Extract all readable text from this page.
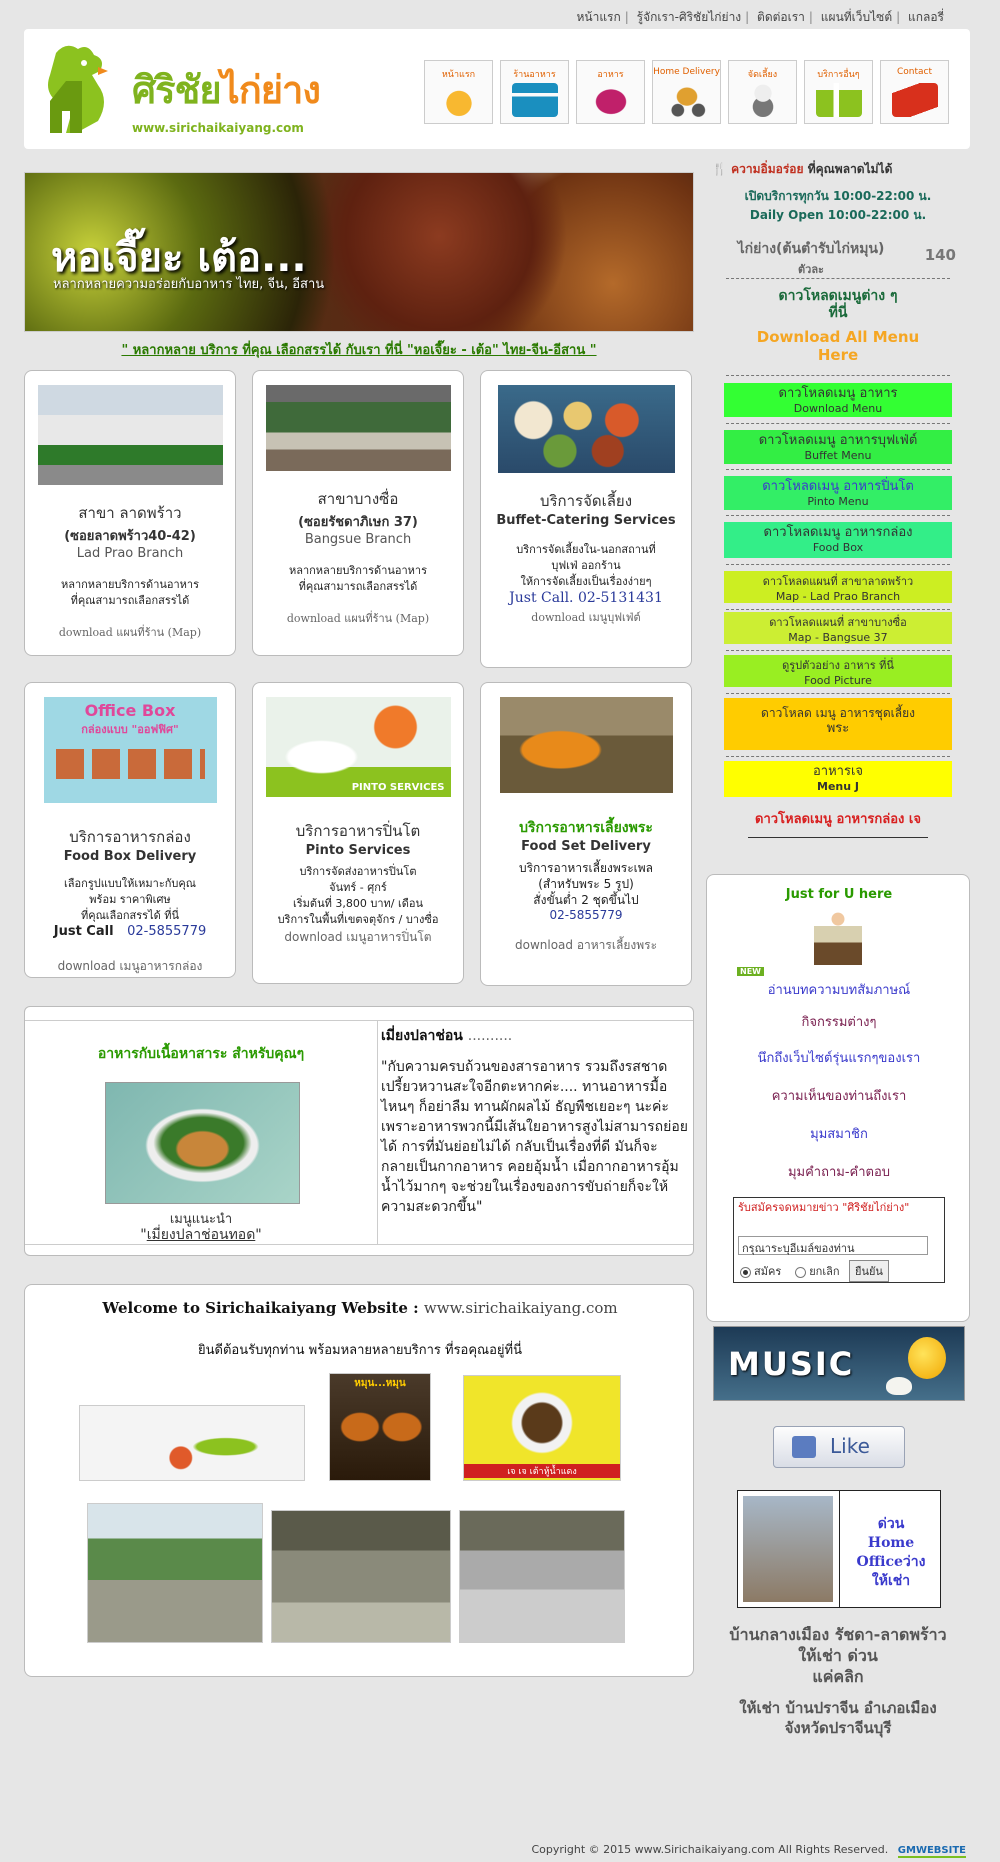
หน้าแรก | รู้จักเรา-ศิริชัยไก่ย่าง | ติดต่อเรา | แผนที่เว็บไซต์ | แกลอรี่
ศิริชัยไก่ย่าง
www.sirichaikaiyang.com
หน้าแรก	ร้านอาหาร	อาหาร	Home Delivery	จัดเลี้ยง	บริการอื่นๆ	Contact
หอเจี๊ยะ เต้อ...
หลากหลายความอร่อยกับอาหาร ไทย, จีน, อีสาน
" หลากหลาย บริการ ที่คุณ เลือกสรรได้ กับเรา ที่นี่ "หอเจี๊ยะ - เต้อ" ไทย-จีน-อีสาน "
สาขา ลาดพร้าว
(ซอยลาดพร้าว40-42)
Lad Prao Branch
หลากหลายบริการด้านอาหาร
ที่คุณสามารถเลือกสรรได้
download แผนที่ร้าน (Map)
สาขาบางซื่อ
(ซอยรัชดาภิเษก 37)
Bangsue Branch
หลากหลายบริการด้านอาหาร
ที่คุณสามารถเลือกสรรได้
download แผนที่ร้าน (Map)
บริการจัดเลี้ยง
Buffet-Catering Services
บริการจัดเลี้ยงใน-นอกสถานที่
บุฟเฟ่ ออกร้าน
ให้การจัดเลี้ยงเป็นเรื่องง่ายๆ
Just Call. 02-5131431
download เมนูบุฟเฟ่ต์
Office Box
กล่องแบบ "ออฟฟิศ"
บริการอาหารกล่อง
Food Box Delivery
เลือกรูปแบบให้เหมาะกับคุณ
พร้อม ราคาพิเศษ
ที่คุณเลือกสรรได้ ที่นี่
Just Call 02-5855779
download เมนูอาหารกล่อง
PINTO SERVICES
บริการอาหารปิ่นโต
Pinto Services
บริการจัดส่งอาหารปิ่นโต
จันทร์ - ศุกร์
เริ่มต้นที่ 3,800 บาท/ เดือน
บริการในพื้นที่เขตจตุจักร / บางซื่อ
download เมนูอาหารปิ่นโต
บริการอาหารเลี้ยงพระ
Food Set Delivery
บริการอาหารเลี้ยงพระเพล
(สำหรับพระ 5 รูป)
สั่งขั้นต่ำ 2 ชุดขึ้นไป
02-5855779
download อาหารเลี้ยงพระ
อาหารกับเนื้อหาสาระ สำหรับคุณๆ
เมนูแนะนำ
"เมี่ยงปลาช่อนทอด"
เมี่ยงปลาช่อน ..........
"กับความครบถ้วนของสารอาหาร รวมถึงรสชาดเปรี้ยวหวานสะใจอีกตะหากค่ะ.... ทานอาหารมื้อไหนๆ ก็อย่าลืม ทานผักผลไม้ ธัญพืชเยอะๆ นะค่ะ เพราะอาหารพวกนี้มีเส้นใยอาหารสูงไม่สามารถย่อยได้ การที่มันย่อยไม่ได้ กลับเป็นเรื่องที่ดี มันก็จะกลายเป็นกากอาหาร คอยอุ้มน้ำ เมื่อกากอาหารอุ้มน้ำไว้มากๆ จะช่วยในเรื่องของการขับถ่ายก็จะให้ความสะดวกขึ้น"
Welcome to Sirichaikaiyang Website : www.sirichaikaiyang.com
ยินดีต้อนรับทุกท่าน พร้อมหลายหลายบริการ ที่รอคุณอยู่ที่นี่
หมุน...หมุน
เจ เจ เต้าหู้น้ำแดง
🍴 ความอิ่มอร่อย ที่คุณพลาดไม่ได้
เปิดบริการทุกวัน 10:00-22:00 น.
Daily Open 10:00-22:00 น.
ไก่ย่าง(ต้นตำรับไก่หมุน)
ตัวละ
140
ดาวโหลดเมนูต่าง ๆ
ที่นี่
Download All Menu
Here
ดาวโหลดเมนู อาหาร
Download Menu
ดาวโหลดเมนู อาหารบุฟเฟ่ต์
Buffet Menu
ดาวโหลดเมนู อาหารปิ่นโต
Pinto Menu
ดาวโหลดเมนู อาหารกล่อง
Food Box
ดาวโหลดแผนที่ สาขาลาดพร้าว
Map - Lad Prao Branch
ดาวโหลดแผนที่ สาขาบางซื่อ
Map - Bangsue 37
ดูรูปตัวอย่าง อาหาร ที่นี่
Food Picture
ดาวโหลด เมนู อาหารชุดเลี้ยง
พระ
อาหารเจ
Menu J
ดาวโหลดเมนู อาหารกล่อง เจ
Just for U here
NEW
อ่านบทความบทสัมภาษณ์
กิจกรรมต่างๆ
นึกถึงเว็บไซต์รุ่นแรกๆของเรา
ความเห็นของท่านถึงเรา
มุมสมาชิก
มุมคำถาม-คำตอบ
รับสมัครจดหมายข่าว "ศิริชัยไก่ย่าง"
กรุณาระบุอีเมล์ของท่าน
สมัคร	ยกเลิก ยืนยัน
MUSIC
Like
ด่วน
Home
Officeว่าง
ให้เช่า
บ้านกลางเมือง รัชดา-ลาดพร้าว
ให้เช่า ด่วน
แค่คลิก
ให้เช่า บ้านปราจีน อำเภอเมือง
จังหวัดปราจีนบุรี
Copyright © 2015 www.Sirichaikaiyang.com All Rights Reserved. GMWEBSITE
